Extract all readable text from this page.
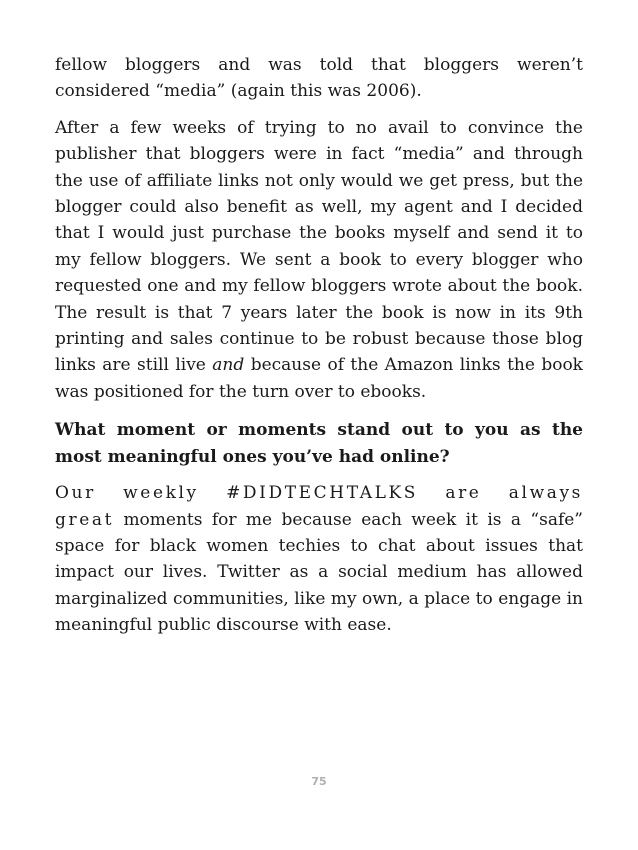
fellow bloggers and was told that bloggers weren’t considered “media” (again this was 2006).

After a few weeks of trying to no avail to convince the publisher that bloggers were in fact “media” and through the use of affiliate links not only would we get press, but the blogger could also benefit as well, my agent and I decided that I would just purchase the books myself and send it to my fellow bloggers. We sent a book to every blogger who requested one and my fellow bloggers wrote about the book. The result is that 7 years later the book is now in its 9th printing and sales continue to be robust because those blog links are still live and because of the Amazon links the book was positioned for the turn over to ebooks.

What moment or moments stand out to you as the most meaningful ones you’ve had online?

Our weekly #DIDTECHTALKS are always great moments for me because each week it is a “safe” space for black women techies to chat about issues that impact our lives. Twitter as a social medium has allowed marginalized communities, like my own, a place to engage in meaningful public discourse with ease.

75
